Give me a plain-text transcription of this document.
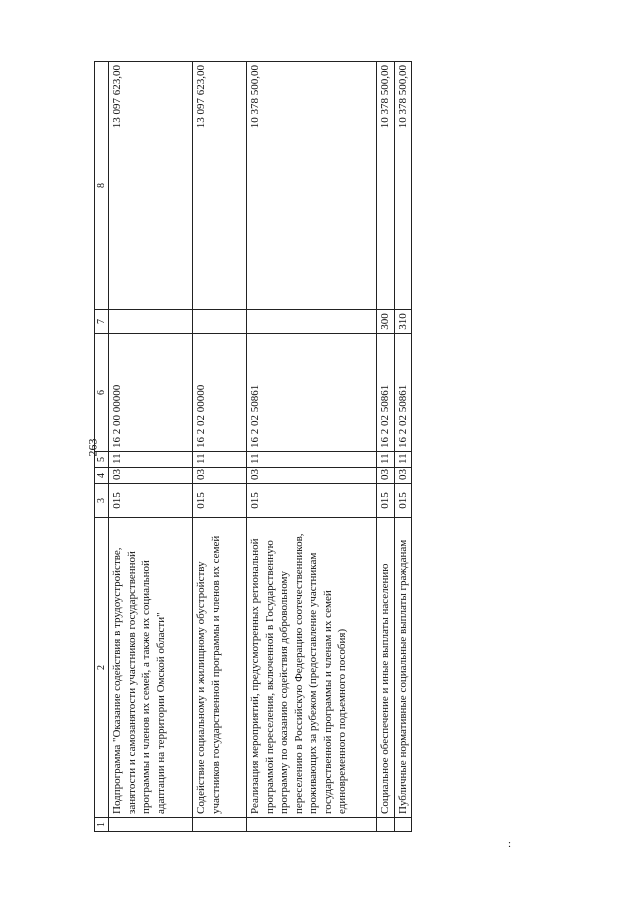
263
1	2	3	4	5	6	7	8
	Подпрограмма "Оказание содействия в трудоустройстве, занятости и самозанятости участников государственной программы и членов их семей, а также их социальной адаптации на территории Омской области"	015	03	11	16 2 00 00000		13 097 623,00
	Содействие социальному и жилищному обустройству участников государственной программы и членов их семей	015	03	11	16 2 02 00000		13 097 623,00
	Реализация мероприятий, предусмотренных региональной программой переселения, включенной в Государственную программу по оказанию содействия добровольному переселению в Российскую Федерацию соотечественников, проживающих за рубежом (предоставление участникам государственной программы и членам их семей единовременного подъемного пособия)	015	03	11	16 2 02 50861		10 378 500,00
	Социальное обеспечение и иные выплаты населению	015	03	11	16 2 02 50861	300	10 378 500,00
	Публичные нормативные социальные выплаты гражданам	015	03	11	16 2 02 50861	310	10 378 500,00
:
